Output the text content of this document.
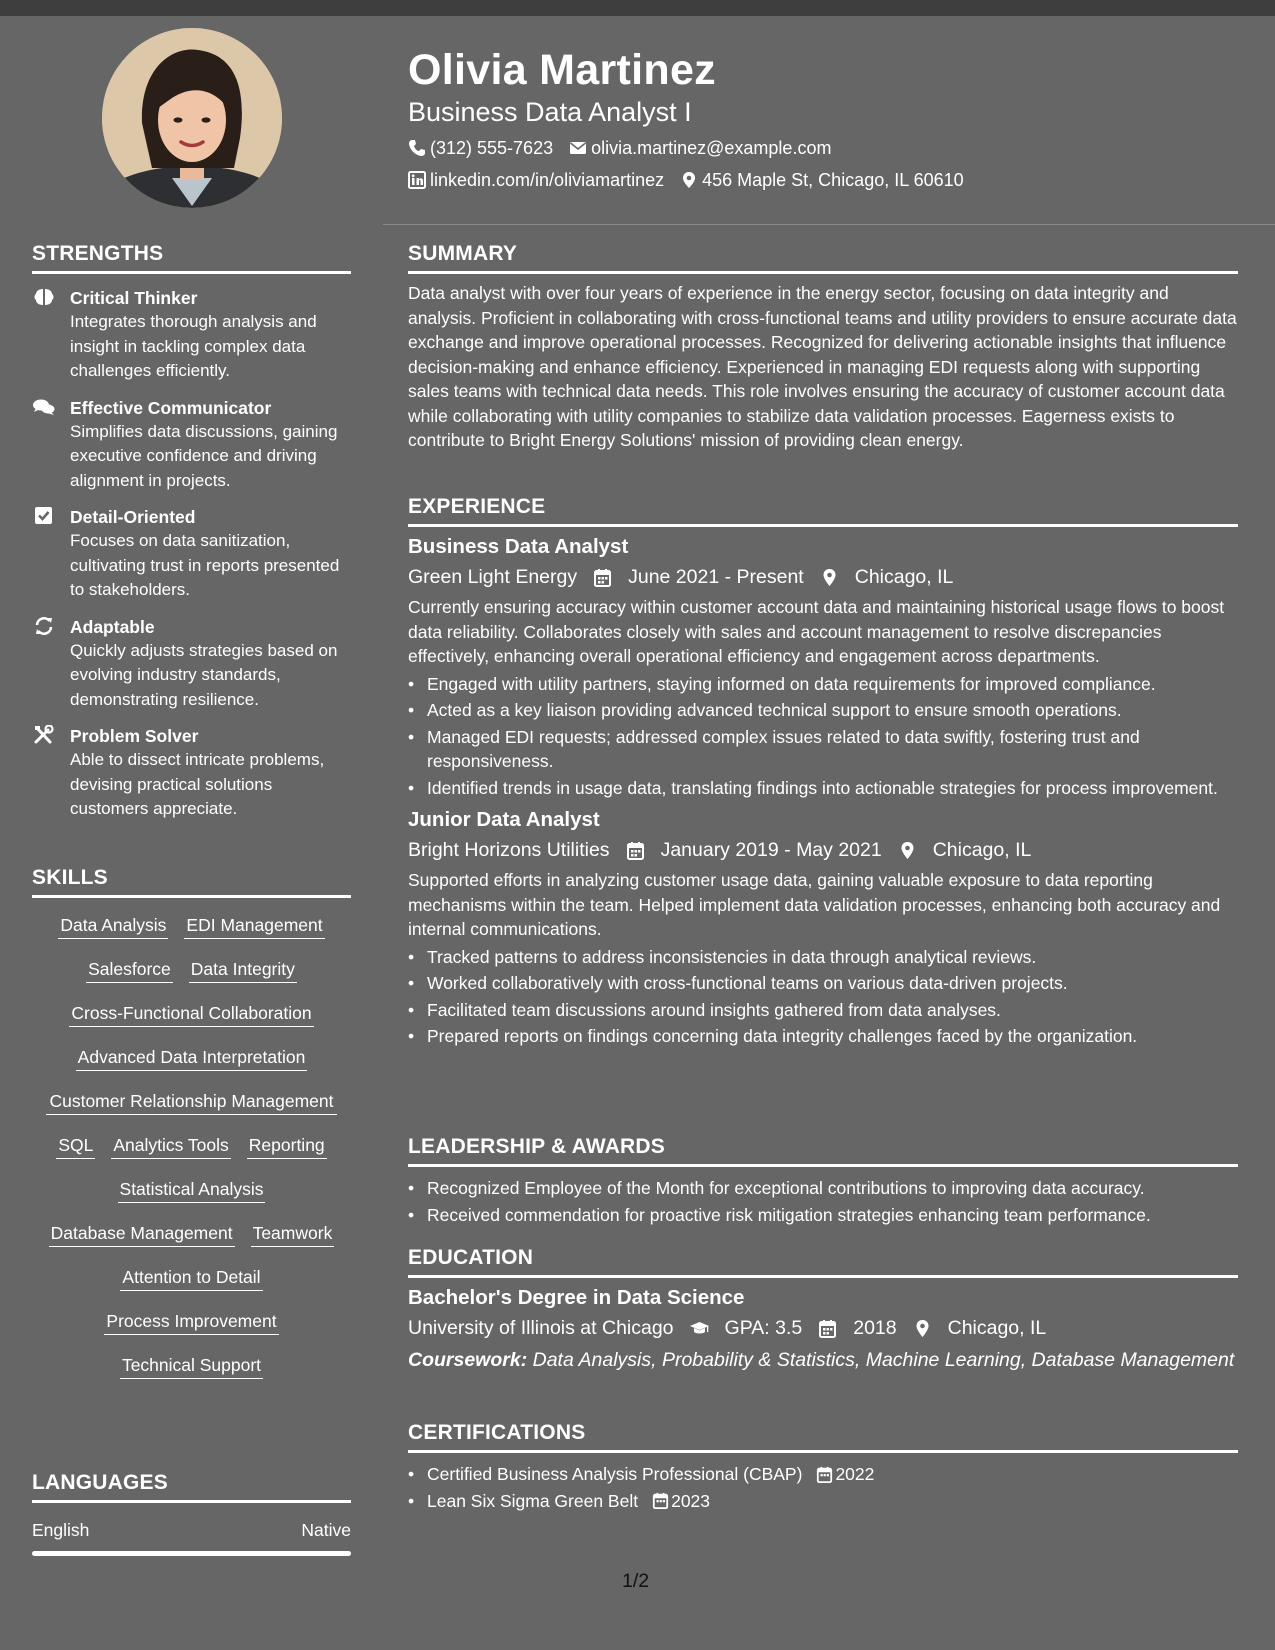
STRENGTHS
Critical Thinker
Integrates thorough analysis and insight in tackling complex data challenges efficiently.
Effective Communicator
Simplifies data discussions, gaining executive confidence and driving alignment in projects.
Detail-Oriented
Focuses on data sanitization, cultivating trust in reports presented to stakeholders.
Adaptable
Quickly adjusts strategies based on evolving industry standards, demonstrating resilience.
Problem Solver
Able to dissect intricate problems, devising practical solutions customers appreciate.
SKILLS
Data Analysis EDI Management
Salesforce Data Integrity
Cross-Functional Collaboration
Advanced Data Interpretation
Customer Relationship Management
SQL Analytics Tools Reporting
Statistical Analysis
Database Management Teamwork
Attention to Detail
Process Improvement
Technical Support
LANGUAGES
English	Native
Olivia Martinez
Business Data Analyst I
(312) 555-7623 olivia.martinez@example.com
linkedin.com/in/oliviamartinez 456 Maple St, Chicago, IL 60610
SUMMARY
Data analyst with over four years of experience in the energy sector, focusing on data integrity and analysis. Proficient in collaborating with cross-functional teams and utility providers to ensure accurate data exchange and improve operational processes. Recognized for delivering actionable insights that influence decision-making and enhance efficiency. Experienced in managing EDI requests along with supporting sales teams with technical data needs. This role involves ensuring the accuracy of customer account data while collaborating with utility companies to stabilize data validation processes. Eagerness exists to contribute to Bright Energy Solutions' mission of providing clean energy.
EXPERIENCE
Business Data Analyst
Green Light Energy	June 2021 - Present	Chicago, IL
Currently ensuring accuracy within customer account data and maintaining historical usage flows to boost data reliability. Collaborates closely with sales and account management to resolve discrepancies effectively, enhancing overall operational efficiency and engagement across departments.
• Engaged with utility partners, staying informed on data requirements for improved compliance.
• Acted as a key liaison providing advanced technical support to ensure smooth operations.
• Managed EDI requests; addressed complex issues related to data swiftly, fostering trust and responsiveness.
• Identified trends in usage data, translating findings into actionable strategies for process improvement.
Junior Data Analyst
Bright Horizons Utilities	January 2019 - May 2021	Chicago, IL
Supported efforts in analyzing customer usage data, gaining valuable exposure to data reporting mechanisms within the team. Helped implement data validation processes, enhancing both accuracy and internal communications.
• Tracked patterns to address inconsistencies in data through analytical reviews.
• Worked collaboratively with cross-functional teams on various data-driven projects.
• Facilitated team discussions around insights gathered from data analyses.
• Prepared reports on findings concerning data integrity challenges faced by the organization.
LEADERSHIP & AWARDS
• Recognized Employee of the Month for exceptional contributions to improving data accuracy.
• Received commendation for proactive risk mitigation strategies enhancing team performance.
EDUCATION
Bachelor's Degree in Data Science
University of Illinois at Chicago	GPA: 3.5	2018	Chicago, IL
Coursework: Data Analysis, Probability & Statistics, Machine Learning, Database Management
CERTIFICATIONS
• Certified Business Analysis Professional (CBAP) 2022
• Lean Six Sigma Green Belt 2023
1/2
